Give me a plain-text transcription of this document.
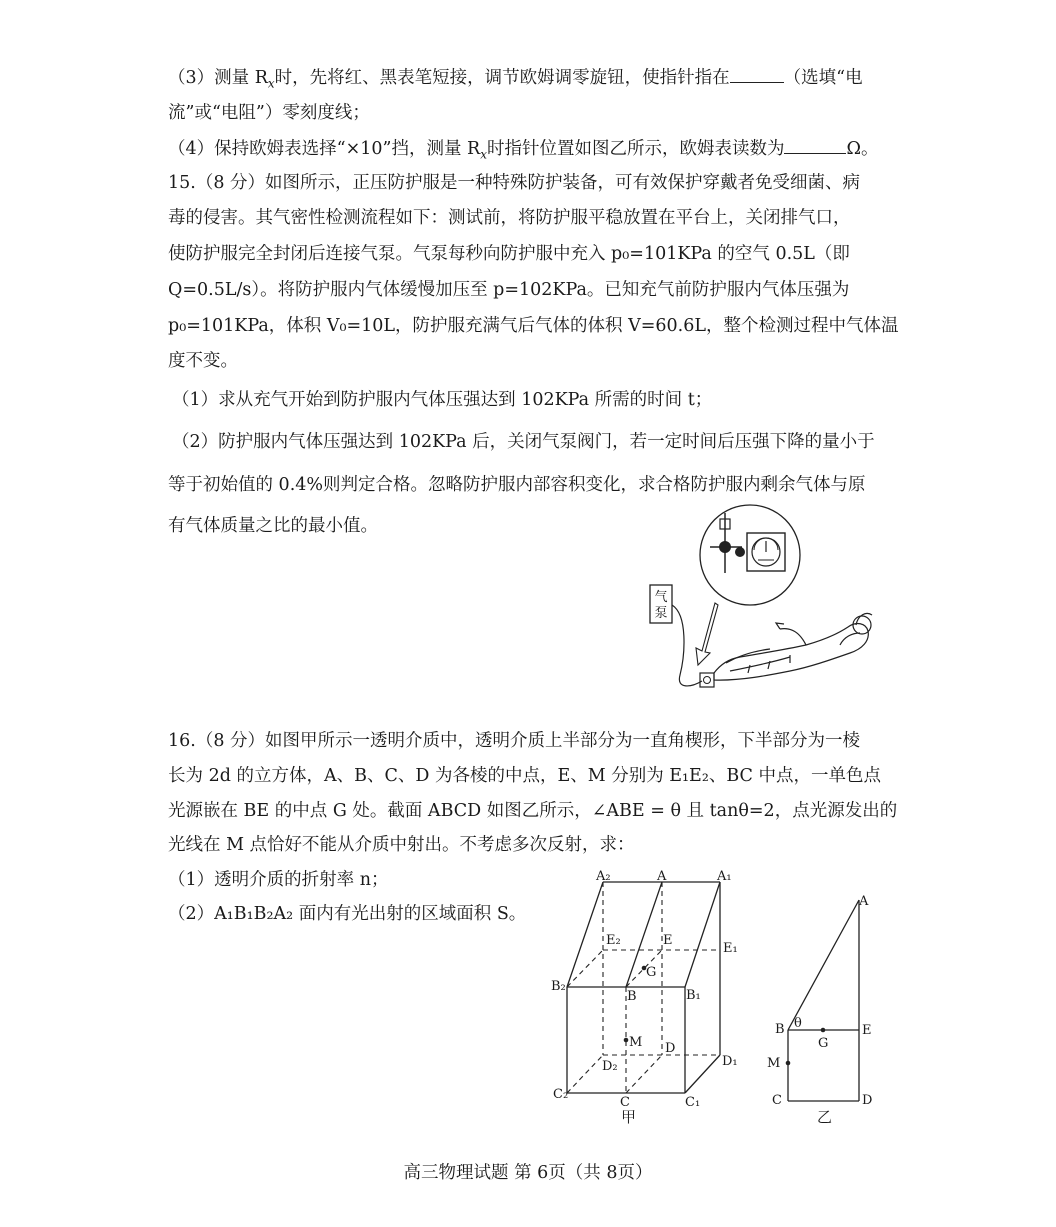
（3）测量 $R_x$时，先将红、黑表笔短接，调节欧姆调零旋钮，使指针指在	（选填“电
流”或“电阻”）零刻度线；
（4）保持欧姆表选择“×10”挡，测量 $R_x$时指针位置如图乙所示，欧姆表读数为	Ω。
15.（8 分）如图所示，正压防护服是一种特殊防护装备，可有效保护穿戴者免受细菌、病
毒的侵害。其气密性检测流程如下：测试前，将防护服平稳放置在平台上，关闭排气口，
使防护服完全封闭后连接气泵。气泵每秒向防护服中充入 p₀=101KPa 的空气 0.5L（即
Q=0.5L/s）。将防护服内气体缓慢加压至 p=102KPa。已知充气前防护服内气体压强为
p₀=101KPa，体积 V₀=10L，防护服充满气后气体的体积 V=60.6L，整个检测过程中气体温
度不变。
（1）求从充气开始到防护服内气体压强达到 102KPa 所需的时间 t；
（2）防护服内气体压强达到 102KPa 后，关闭气泵阀门，若一定时间后压强下降的量小于
等于初始值的 0.4%则判定合格。忽略防护服内部容积变化，求合格防护服内剩余气体与原
有气体质量之比的最小值。
气
泵
16.（8 分）如图甲所示一透明介质中，透明介质上半部分为一直角楔形，下半部分为一棱
长为 2d 的立方体，A、B、C、D 为各棱的中点，E、M 分别为 E₁E₂、BC 中点，一单色点
光源嵌在 BE 的中点 G 处。截面 ABCD 如图乙所示，∠ABE = θ 且 tanθ=2，点光源发出的
光线在 M 点恰好不能从介质中射出。不考虑多次反射，求：
（1）透明介质的折射率 n；
（2）A₁B₁B₂A₂ 面内有光出射的区域面积 S。
A₂	A	A₁
E₂	E
E₁
G
B₂
B	B₁
M D
D₂	D₁
C₂
C	C₁
甲
A
B θ	E
G
M
C	D
乙
高三物理试题 第 6页（共 8页）
